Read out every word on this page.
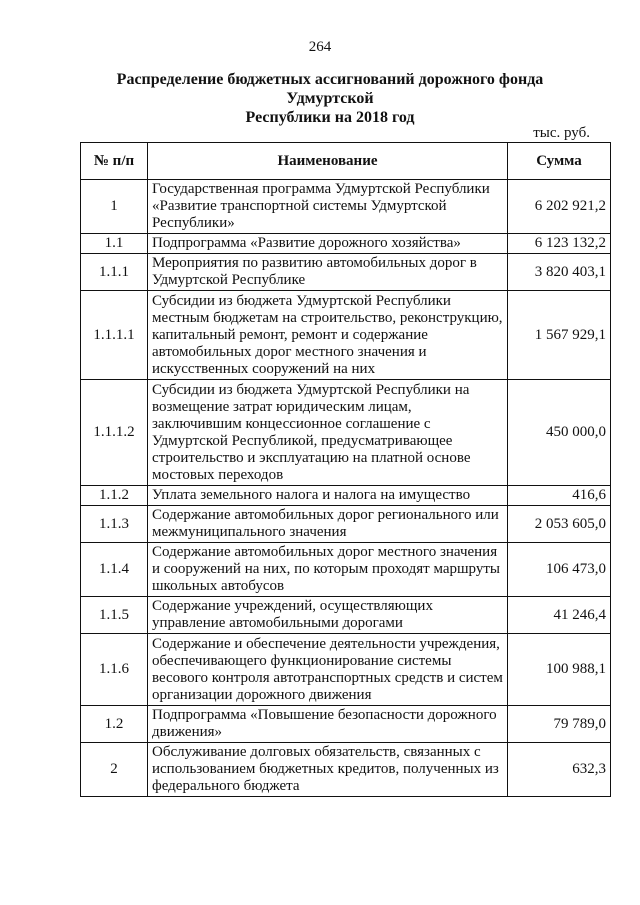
264
Распределение бюджетных ассигнований дорожного фонда Удмуртской
Республики на 2018 год
тыс. руб.
№ п/п	Наименование	Сумма
1	Государственная программа Удмуртской Республики «Развитие транспортной системы Удмуртской Республики»	6 202 921,2
1.1	Подпрограмма «Развитие дорожного хозяйства»	6 123 132,2
1.1.1	Мероприятия по развитию автомобильных дорог в Удмуртской Республике	3 820 403,1
1.1.1.1	Субсидии из бюджета Удмуртской Республики местным бюджетам на строительство, реконструкцию, капитальный ремонт, ремонт и содержание автомобильных дорог местного значения и искусственных сооружений на них	1 567 929,1
1.1.1.2	Субсидии из бюджета Удмуртской Республики на возмещение затрат юридическим лицам, заключившим концессионное соглашение с Удмуртской Республикой, предусматривающее строительство и эксплуатацию на платной основе мостовых переходов	450 000,0
1.1.2	Уплата земельного налога и налога на имущество	416,6
1.1.3	Содержание автомобильных дорог регионального или межмуниципального значения	2 053 605,0
1.1.4	Содержание автомобильных дорог местного значения и сооружений на них, по которым проходят маршруты школьных автобусов	106 473,0
1.1.5	Содержание учреждений, осуществляющих управление автомобильными дорогами	41 246,4
1.1.6	Содержание и обеспечение деятельности учреждения, обеспечивающего функционирование системы весового контроля автотранспортных средств и систем организации дорожного движения	100 988,1
1.2	Подпрограмма «Повышение безопасности дорожного движения»	79 789,0
2	Обслуживание долговых обязательств, связанных с использованием бюджетных кредитов, полученных из федерального бюджета	632,3
